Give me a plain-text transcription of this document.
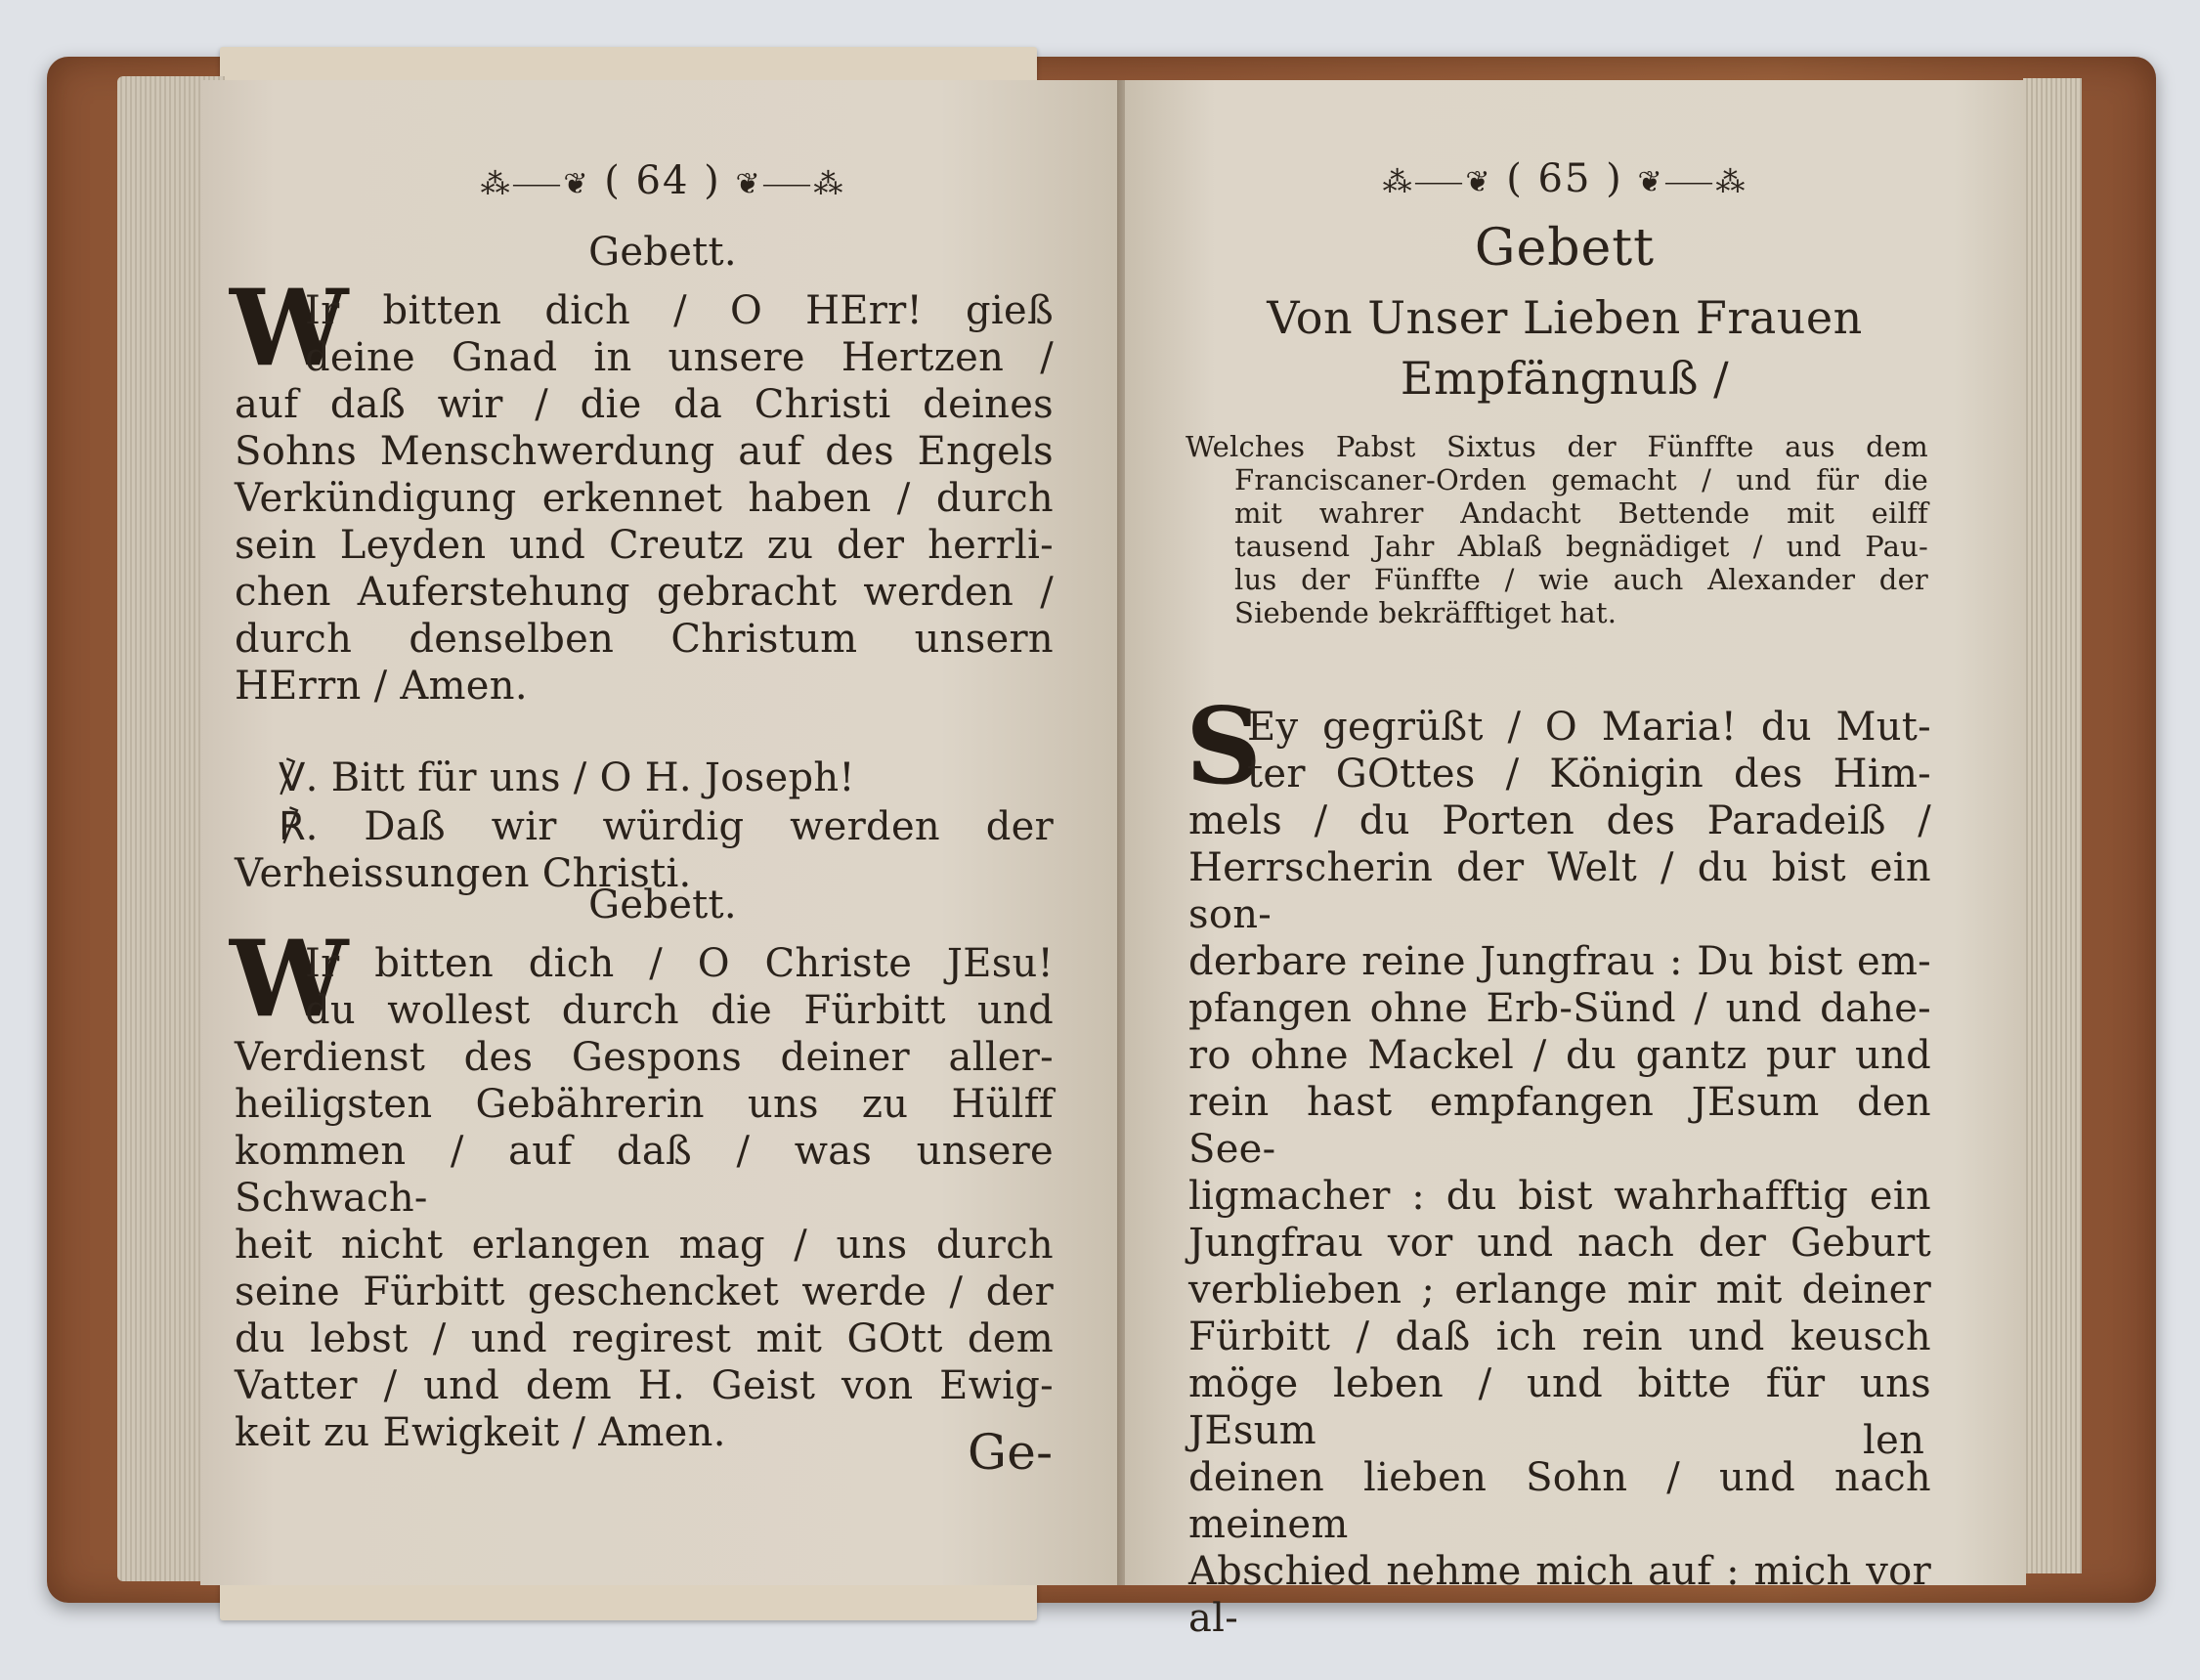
⁂⸺❦ ( 64 ) ❦⸺⁂
Gebett.
W
Ir bitten dich / O HErr! gieß
deine Gnad in unsere Hertzen /
auf daß wir / die da Christi deines
Sohns Menschwerdung auf des Engels
Verkündigung erkennet haben / durch
sein Leyden und Creutz zu der herrli-
chen Auferstehung gebracht werden /
durch denselben Christum unsern
HErrn / Amen.
℣. Bitt für uns / O H. Joseph!
℟. Daß wir würdig werden der
Verheissungen Christi.
Gebett.
W
Ir bitten dich / O Christe JEsu!
du wollest durch die Fürbitt und
Verdienst des Gespons deiner aller-
heiligsten Gebährerin uns zu Hülff
kommen / auf daß / was unsere Schwach-
heit nicht erlangen mag / uns durch
seine Fürbitt geschencket werde / der
du lebst / und regirest mit GOtt dem
Vatter / und dem H. Geist von Ewig-
keit zu Ewigkeit / Amen.	Ge-
⁂⸺❦ ( 65 ) ❦⸺⁂
Gebett
Von Unser Lieben Frauen
Empfängnuß /
Welches Pabst Sixtus der Fünffte aus dem
Franciscaner-Orden gemacht / und für die
mit wahrer Andacht Bettende mit eilff
tausend Jahr Ablaß begnädiget / und Pau-
lus der Fünffte / wie auch Alexander der
Siebende bekräfftiget hat.
S
Ey gegrüßt / O Maria! du Mut-
ter GOttes / Königin des Him-
mels / du Porten des Paradeiß /
Herrscherin der Welt / du bist ein son-
derbare reine Jungfrau : Du bist em-
pfangen ohne Erb-Sünd / und dahe-
ro ohne Mackel / du gantz pur und
rein hast empfangen JEsum den See-
ligmacher : du bist wahrhafftig ein
Jungfrau vor und nach der Geburt
verblieben ; erlange mir mit deiner
Fürbitt / daß ich rein und keusch
möge leben / und bitte für uns JEsum
deinen lieben Sohn / und nach meinem
Abschied nehme mich auf : mich vor al-
len
